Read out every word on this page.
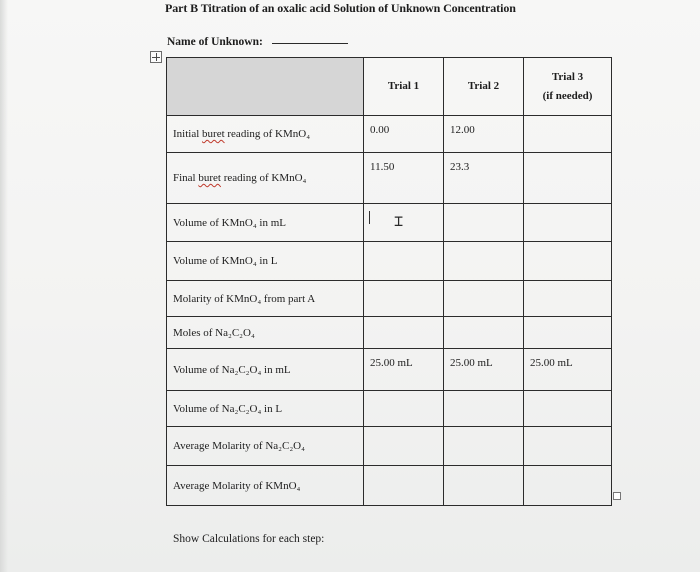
Part B Titration of an oxalic acid Solution of Unknown Concentration
Name of Unknown:
	Trial 1	Trial 2	Trial 3
(if needed)

Initial buret reading of KMnO₄	0.00	12.00	
Final buret reading of KMnO₄	11.50	23.3	
Volume of KMnO₄ in mL			
Volume of KMnO₄ in L			
Molarity of KMnO₄ from part A			
Moles of Na₂C₂O₄			
Volume of Na₂C₂O₄ in mL	25.00 mL	25.00 mL	25.00 mL
Volume of Na₂C₂O₄ in L			
Average Molarity of Na₂C₂O₄			
Average Molarity of KMnO₄			
⌶
Show Calculations for each step:
